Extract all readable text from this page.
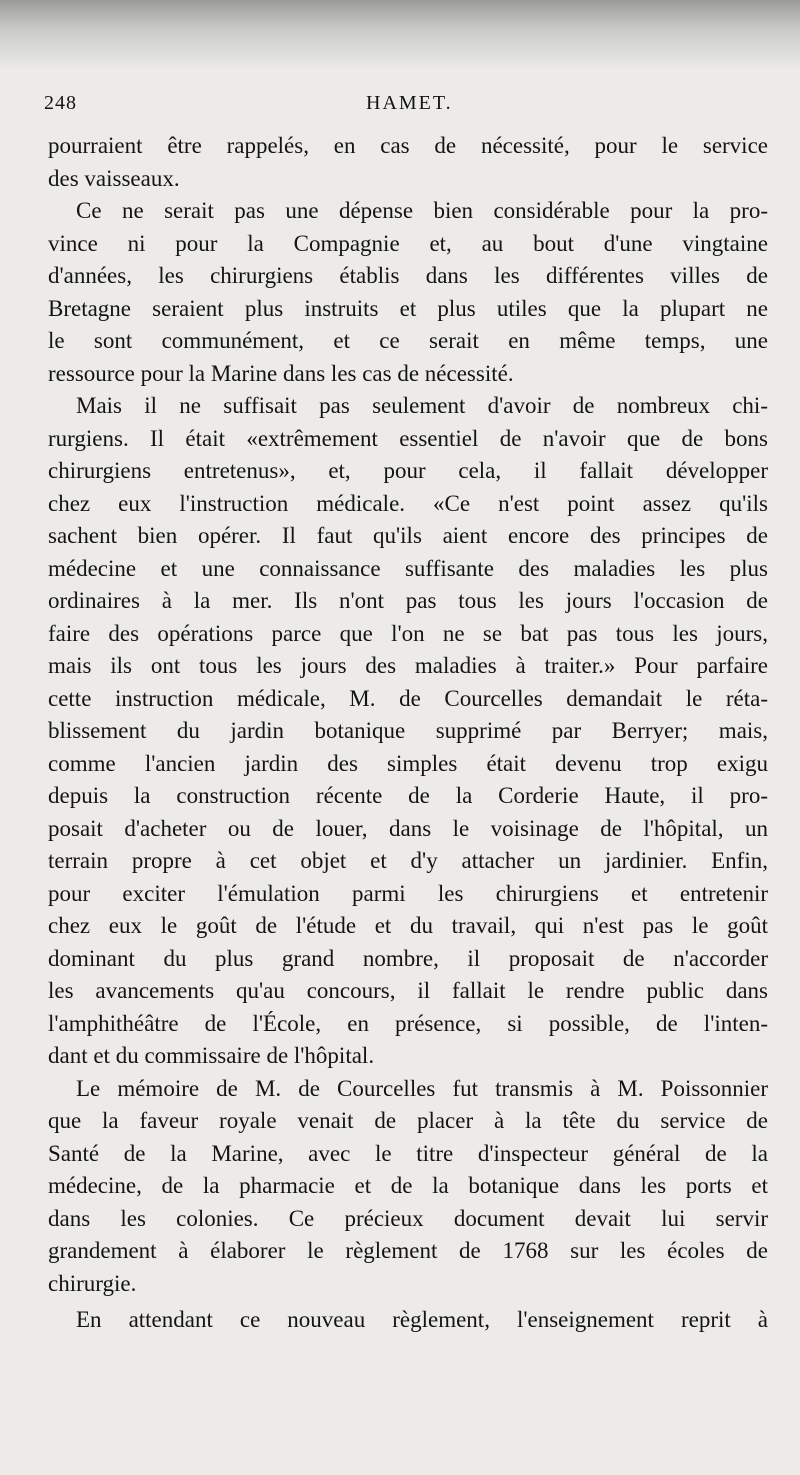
248	HAMET.
pourraient être rappelés, en cas de nécessité, pour le service
des vaisseaux.
Ce ne serait pas une dépense bien considérable pour la pro-
vince ni pour la Compagnie et, au bout d'une vingtaine
d'années, les chirurgiens établis dans les différentes villes de
Bretagne seraient plus instruits et plus utiles que la plupart ne
le sont communément, et ce serait en même temps, une
ressource pour la Marine dans les cas de nécessité.
Mais il ne suffisait pas seulement d'avoir de nombreux chi-
rurgiens. Il était «extrêmement essentiel de n'avoir que de bons
chirurgiens entretenus», et, pour cela, il fallait développer
chez eux l'instruction médicale. «Ce n'est point assez qu'ils
sachent bien opérer. Il faut qu'ils aient encore des principes de
médecine et une connaissance suffisante des maladies les plus
ordinaires à la mer. Ils n'ont pas tous les jours l'occasion de
faire des opérations parce que l'on ne se bat pas tous les jours,
mais ils ont tous les jours des maladies à traiter.» Pour parfaire
cette instruction médicale, M. de Courcelles demandait le réta-
blissement du jardin botanique supprimé par Berryer; mais,
comme l'ancien jardin des simples était devenu trop exigu
depuis la construction récente de la Corderie Haute, il pro-
posait d'acheter ou de louer, dans le voisinage de l'hôpital, un
terrain propre à cet objet et d'y attacher un jardinier. Enfin,
pour exciter l'émulation parmi les chirurgiens et entretenir
chez eux le goût de l'étude et du travail, qui n'est pas le goût
dominant du plus grand nombre, il proposait de n'accorder
les avancements qu'au concours, il fallait le rendre public dans
l'amphithéâtre de l'École, en présence, si possible, de l'inten-
dant et du commissaire de l'hôpital.
Le mémoire de M. de Courcelles fut transmis à M. Poissonnier
que la faveur royale venait de placer à la tête du service de
Santé de la Marine, avec le titre d'inspecteur général de la
médecine, de la pharmacie et de la botanique dans les ports et
dans les colonies. Ce précieux document devait lui servir
grandement à élaborer le règlement de 1768 sur les écoles de
chirurgie.
En attendant ce nouveau règlement, l'enseignement reprit à
